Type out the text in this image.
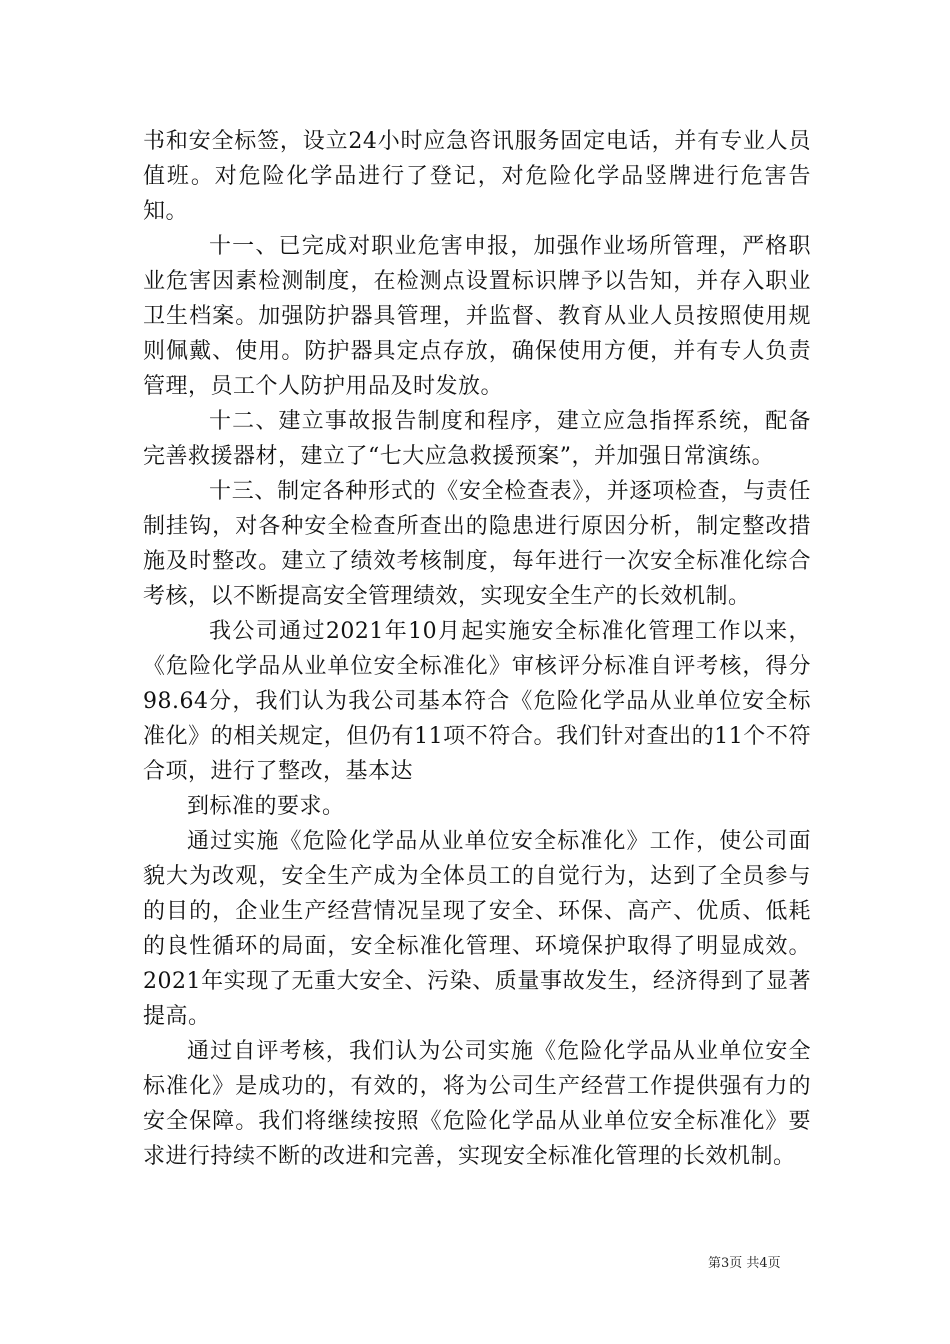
书和安全标签，设立24小时应急咨讯服务固定电话，并有专业人员值班。对危险化学品进行了登记，对危险化学品竖牌进行危害告知。

十一、已完成对职业危害申报，加强作业场所管理，严格职业危害因素检测制度，在检测点设置标识牌予以告知，并存入职业卫生档案。加强防护器具管理，并监督、教育从业人员按照使用规则佩戴、使用。防护器具定点存放，确保使用方便，并有专人负责管理，员工个人防护用品及时发放。

十二、建立事故报告制度和程序，建立应急指挥系统，配备完善救援器材，建立了“七大应急救援预案”，并加强日常演练。

十三、制定各种形式的《安全检查表》，并逐项检查，与责任制挂钩，对各种安全检查所查出的隐患进行原因分析，制定整改措施及时整改。建立了绩效考核制度，每年进行一次安全标准化综合考核，以不断提高安全管理绩效，实现安全生产的长效机制。

我公司通过2021年10月起实施安全标准化管理工作以来，《危险化学品从业单位安全标准化》审核评分标准自评考核，得分98.64分，我们认为我公司基本符合《危险化学品从业单位安全标准化》的相关规定，但仍有11项不符合。我们针对查出的11个不符合项，进行了整改，基本达

到标准的要求。

通过实施《危险化学品从业单位安全标准化》工作，使公司面貌大为改观，安全生产成为全体员工的自觉行为，达到了全员参与的目的，企业生产经营情况呈现了安全、环保、高产、优质、低耗的良性循环的局面，安全标准化管理、环境保护取得了明显成效。2021年实现了无重大安全、污染、质量事故发生，经济得到了显著提高。

通过自评考核，我们认为公司实施《危险化学品从业单位安全标准化》是成功的，有效的，将为公司生产经营工作提供强有力的安全保障。我们将继续按照《危险化学品从业单位安全标准化》要求进行持续不断的改进和完善，实现安全标准化管理的长效机制。

第3页 共4页
